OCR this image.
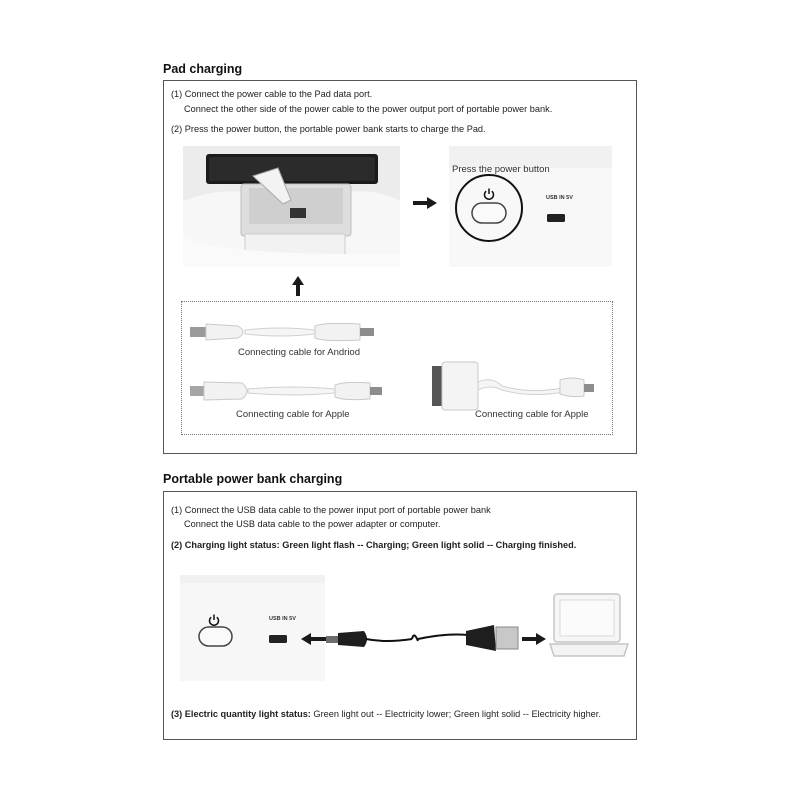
Pad charging
(1) Connect the power cable to the Pad data port.
Connect the other side of the power cable to the power output port of portable power bank.
(2) Press the power button, the portable power bank starts to charge the Pad.
Press the power button
USB IN 5V
Connecting cable for Andriod
Connecting cable for Apple	Connecting cable for Apple
Portable power bank charging
(1) Connect the USB data cable to the power input port of portable power bank
Connect the USB data cable to the power adapter or computer.
(2) Charging light status: Green light flash -- Charging; Green light solid -- Charging finished.
USB IN 5V
(3) Electric quantity light status: Green light out -- Electricity lower; Green light solid -- Electricity higher.
